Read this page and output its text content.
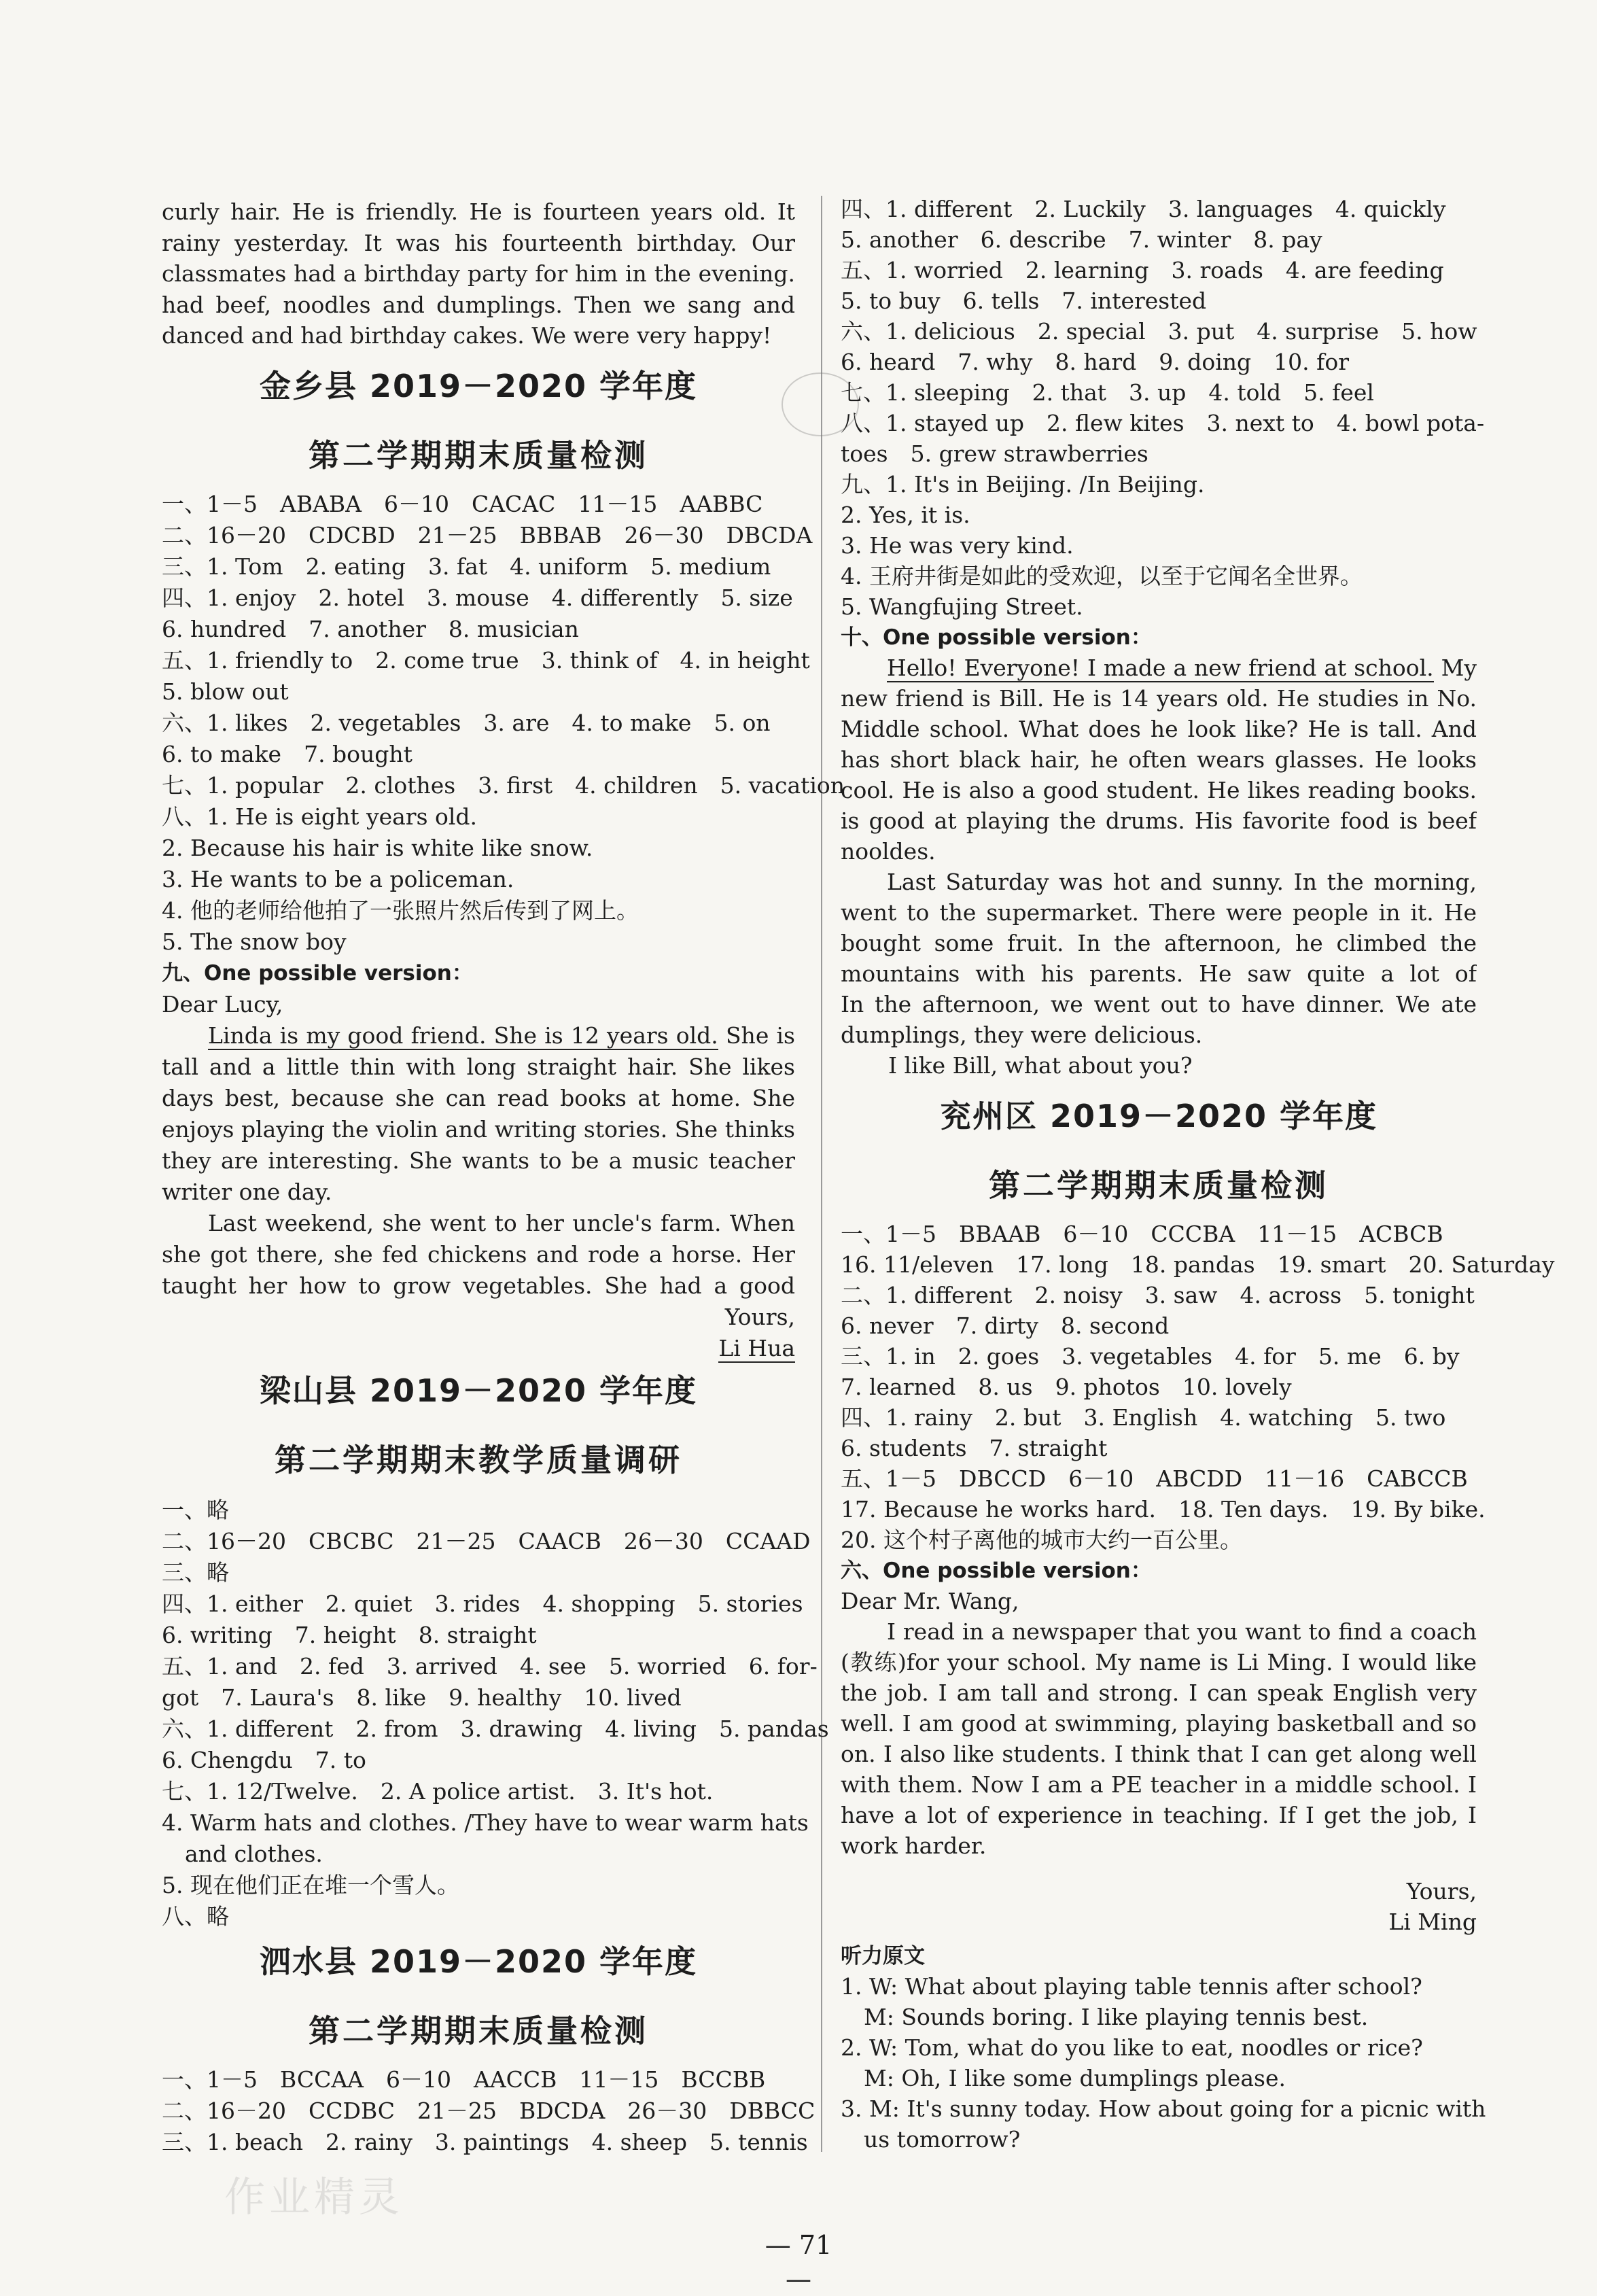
作业精灵
curly hair. He is friendly. He is fourteen years old. It
rainy yesterday. It was his fourteenth birthday. Our
classmates had a birthday party for him in the evening.
had beef, noodles and dumplings. Then we sang and
danced and had birthday cakes. We were very happy!
金乡县 2019－2020 学年度
第二学期期末质量检测
一、1－5　ABABA　6－10　CACAC　11－15　AABBC
二、16－20　CDCBD　21－25　BBBAB　26－30　DBCDA
三、1. Tom　2. eating　3. fat　4. uniform　5. medium
四、1. enjoy　2. hotel　3. mouse　4. differently　5. size
6. hundred　7. another　8. musician
五、1. friendly to　2. come true　3. think of　4. in height
5. blow out
六、1. likes　2. vegetables　3. are　4. to make　5. on
6. to make　7. bought
七、1. popular　2. clothes　3. first　4. children　5. vacation
八、1. He is eight years old.
2. Because his hair is white like snow.
3. He wants to be a policeman.
4. 他的老师给他拍了一张照片然后传到了网上。
5. The snow boy
九、One possible version：
Dear Lucy,
Linda is my good friend. She is 12 years old. She is
tall and a little thin with long straight hair. She likes
days best, because she can read books at home. She
enjoys playing the violin and writing stories. She thinks
they are interesting. She wants to be a music teacher
writer one day.
Last weekend, she went to her uncle's farm. When
she got there, she fed chickens and rode a horse. Her
taught her how to grow vegetables. She had a good
Yours,
Li Hua
梁山县 2019－2020 学年度
第二学期期末教学质量调研
一、略
二、16－20　CBCBC　21－25　CAACB　26－30　CCAAD
三、略
四、1. either　2. quiet　3. rides　4. shopping　5. stories
6. writing　7. height　8. straight
五、1. and　2. fed　3. arrived　4. see　5. worried　6. for-
got　7. Laura's　8. like　9. healthy　10. lived
六、1. different　2. from　3. drawing　4. living　5. pandas
6. Chengdu　7. to
七、1. 12/Twelve.　2. A police artist.　3. It's hot.
4. Warm hats and clothes. /They have to wear warm hats
and clothes.
5. 现在他们正在堆一个雪人。
八、略
泗水县 2019－2020 学年度
第二学期期末质量检测
一、1－5　BCCAA　6－10　AACCB　11－15　BCCBB
二、16－20　CCDBC　21－25　BDCDA　26－30　DBBCC
三、1. beach　2. rainy　3. paintings　4. sheep　5. tennis
四、1. different　2. Luckily　3. languages　4. quickly
5. another　6. describe　7. winter　8. pay
五、1. worried　2. learning　3. roads　4. are feeding
5. to buy　6. tells　7. interested
六、1. delicious　2. special　3. put　4. surprise　5. how
6. heard　7. why　8. hard　9. doing　10. for
七、1. sleeping　2. that　3. up　4. told　5. feel
八、1. stayed up　2. flew kites　3. next to　4. bowl pota-
toes　5. grew strawberries
九、1. It's in Beijing. /In Beijing.
2. Yes, it is.
3. He was very kind.
4. 王府井街是如此的受欢迎，以至于它闻名全世界。
5. Wangfujing Street.
十、One possible version：
Hello! Everyone! I made a new friend at school. My
new friend is Bill. He is 14 years old. He studies in No.
Middle school. What does he look like? He is tall. And
has short black hair, he often wears glasses. He looks
cool. He is also a good student. He likes reading books.
is good at playing the drums. His favorite food is beef
nooldes.
Last Saturday was hot and sunny. In the morning,
went to the supermarket. There were people in it. He
bought some fruit. In the afternoon, he climbed the
mountains with his parents. He saw quite a lot of
In the afternoon, we went out to have dinner. We ate
dumplings, they were delicious.
I like Bill, what about you?
兖州区 2019－2020 学年度
第二学期期末质量检测
一、1－5　BBAAB　6－10　CCCBA　11－15　ACBCB
16. 11/eleven　17. long　18. pandas　19. smart　20. Saturday
二、1. different　2. noisy　3. saw　4. across　5. tonight
6. never　7. dirty　8. second
三、1. in　2. goes　3. vegetables　4. for　5. me　6. by
7. learned　8. us　9. photos　10. lovely
四、1. rainy　2. but　3. English　4. watching　5. two
6. students　7. straight
五、1－5　DBCCD　6－10　ABCDD　11－16　CABCCB
17. Because he works hard.　18. Ten days.　19. By bike.
20. 这个村子离他的城市大约一百公里。
六、One possible version：
Dear Mr. Wang,
I read in a newspaper that you want to find a coach
(教练)for your school. My name is Li Ming. I would like
the job. I am tall and strong. I can speak English very
well. I am good at swimming, playing basketball and so
on. I also like students. I think that I can get along well
with them. Now I am a PE teacher in a middle school. I
have a lot of experience in teaching. If I get the job, I
work harder.
Yours,
Li Ming
听力原文
1. W: What about playing table tennis after school?
M: Sounds boring. I like playing tennis best.
2. W: Tom, what do you like to eat, noodles or rice?
M: Oh, I like some dumplings please.
3. M: It's sunny today. How about going for a picnic with
us tomorrow?
— 71 —
